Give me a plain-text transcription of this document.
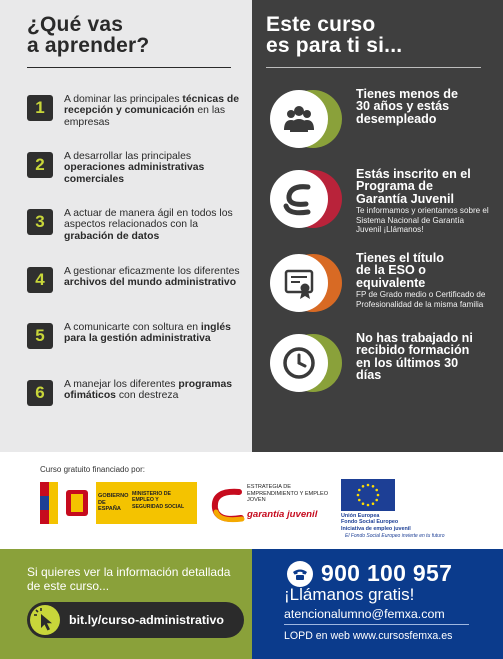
¿Qué vas
a aprender?
1	A dominar las principales técnicas de recepción y comunicación en las empresas
2	A desarrollar las principales operaciones administrativas comerciales
3	A actuar de manera ágil en todos los aspectos relacionados con la grabación de datos
4	A gestionar eficazmente los diferentes archivos del mundo administrativo
5	A comunicarte con soltura en inglés para la gestión administrativa
6	A manejar los diferentes programas ofimáticos con destreza
Este curso
es para ti si...
Tienes menos de 30 años y estás desempleado
Estás inscrito en el Programa de Garantía Juvenil
Te informamos y orientamos sobre el Sistema Nacional de Garantía Juvenil ¡Llámanos!
Tienes el título de la ESO o equivalente
FP de Grado medio o Certificado de Profesionalidad de la misma familia
No has trabajado ni recibido formación en los últimos 30 días
Curso gratuito financiado por:
GOBIERNO
DE ESPAÑA
MINISTERIO DE EMPLEO Y SEGURIDAD SOCIAL
ESTRATEGIA DE EMPRENDIMIENTO Y EMPLEO JOVEN
garantía juvenil	Unión Europea
Fondo Social Europeo
Iniciativa de empleo juvenil
El Fondo Social Europeo invierte en tu futuro
Si quieres ver la información detallada de este curso...
bit.ly/curso-administrativo
900 100 957
¡Llámanos gratis!
atencionalumno@femxa.com
LOPD en web www.cursosfemxa.es
